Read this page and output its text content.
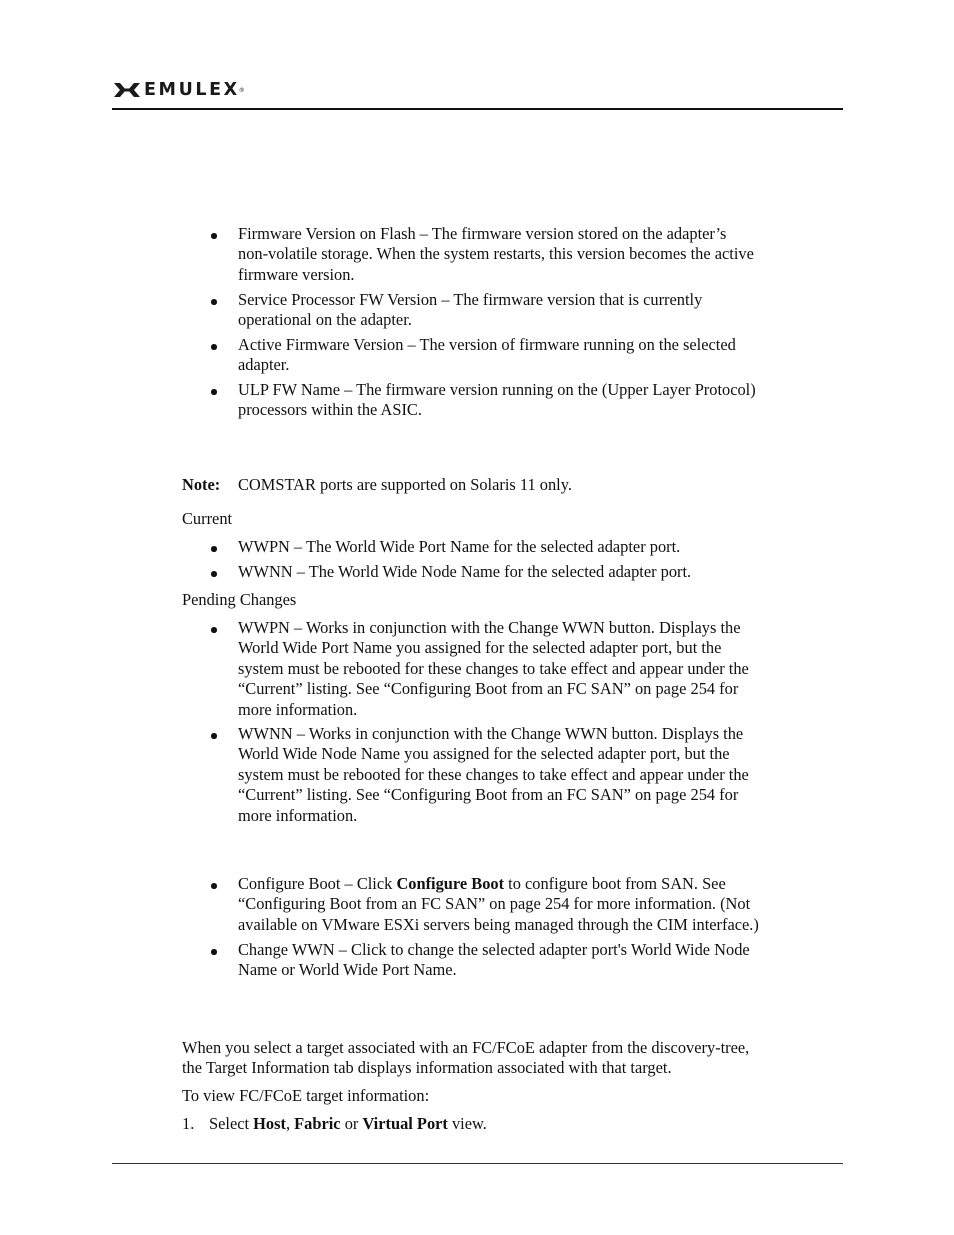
EMULEX ®
Firmware Version on Flash – The firmware version stored on the adapter’s
non-volatile storage. When the system restarts, this version becomes the active
firmware version.
Service Processor FW Version – The firmware version that is currently
operational on the adapter.
Active Firmware Version – The version of firmware running on the selected
adapter.
ULP FW Name – The firmware version running on the (Upper Layer Protocol)
processors within the ASIC.
Note: COMSTAR ports are supported on Solaris 11 only.
Current
WWPN – The World Wide Port Name for the selected adapter port.
WWNN – The World Wide Node Name for the selected adapter port.
Pending Changes
WWPN – Works in conjunction with the Change WWN button. Displays the
World Wide Port Name you assigned for the selected adapter port, but the
system must be rebooted for these changes to take effect and appear under the
“Current” listing. See “Configuring Boot from an FC SAN” on page 254 for
more information.
WWNN – Works in conjunction with the Change WWN button. Displays the
World Wide Node Name you assigned for the selected adapter port, but the
system must be rebooted for these changes to take effect and appear under the
“Current” listing. See “Configuring Boot from an FC SAN” on page 254 for
more information.
Configure Boot – Click Configure Boot to configure boot from SAN. See
“Configuring Boot from an FC SAN” on page 254 for more information. (Not
available on VMware ESXi servers being managed through the CIM interface.)
Change WWN – Click to change the selected adapter port's World Wide Node
Name or World Wide Port Name.
When you select a target associated with an FC/FCoE adapter from the discovery-tree,
the Target Information tab displays information associated with that target.
To view FC/FCoE target information:
1. Select Host, Fabric or Virtual Port view.
